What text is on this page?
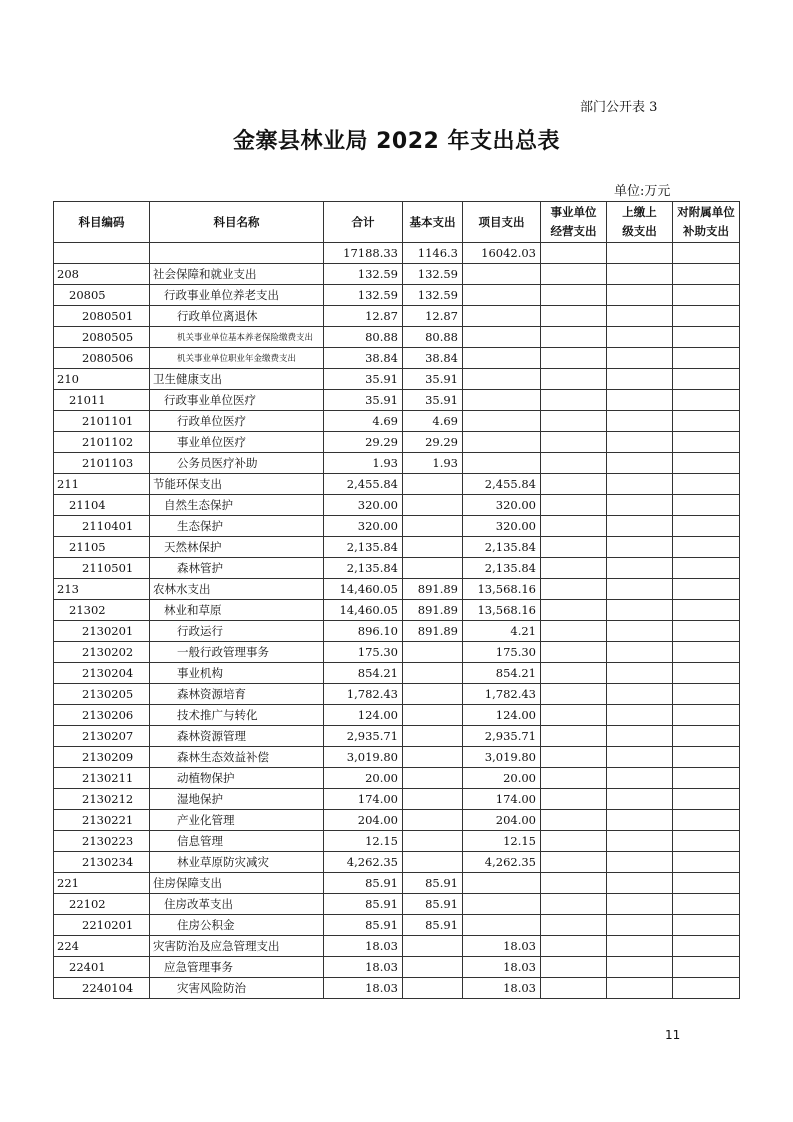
部门公开表 3
金寨县林业局 2022 年支出总表
单位:万元
科目编码	科目名称	合计	基本支出	项目支出	事业单位经营支出	上缴上级支出	对附属单位补助支出
		17188.33	1146.3	16042.03			
208	社会保障和就业支出	132.59	132.59				
20805	行政事业单位养老支出	132.59	132.59				
2080501	行政单位离退休	12.87	12.87				
2080505	机关事业单位基本养老保险缴费支出	80.88	80.88				
2080506	机关事业单位职业年金缴费支出	38.84	38.84				
210	卫生健康支出	35.91	35.91				
21011	行政事业单位医疗	35.91	35.91				
2101101	行政单位医疗	4.69	4.69				
2101102	事业单位医疗	29.29	29.29				
2101103	公务员医疗补助	1.93	1.93				
211	节能环保支出	2,455.84		2,455.84			
21104	自然生态保护	320.00		320.00			
2110401	生态保护	320.00		320.00			
21105	天然林保护	2,135.84		2,135.84			
2110501	森林管护	2,135.84		2,135.84			
213	农林水支出	14,460.05	891.89	13,568.16			
21302	林业和草原	14,460.05	891.89	13,568.16			
2130201	行政运行	896.10	891.89	4.21			
2130202	一般行政管理事务	175.30		175.30			
2130204	事业机构	854.21		854.21			
2130205	森林资源培育	1,782.43		1,782.43			
2130206	技术推广与转化	124.00		124.00			
2130207	森林资源管理	2,935.71		2,935.71			
2130209	森林生态效益补偿	3,019.80		3,019.80			
2130211	动植物保护	20.00		20.00			
2130212	湿地保护	174.00		174.00			
2130221	产业化管理	204.00		204.00			
2130223	信息管理	12.15		12.15			
2130234	林业草原防灾减灾	4,262.35		4,262.35			
221	住房保障支出	85.91	85.91				
22102	住房改革支出	85.91	85.91				
2210201	住房公积金	85.91	85.91				
224	灾害防治及应急管理支出	18.03		18.03			
22401	应急管理事务	18.03		18.03			
2240104	灾害风险防治	18.03		18.03			
11
